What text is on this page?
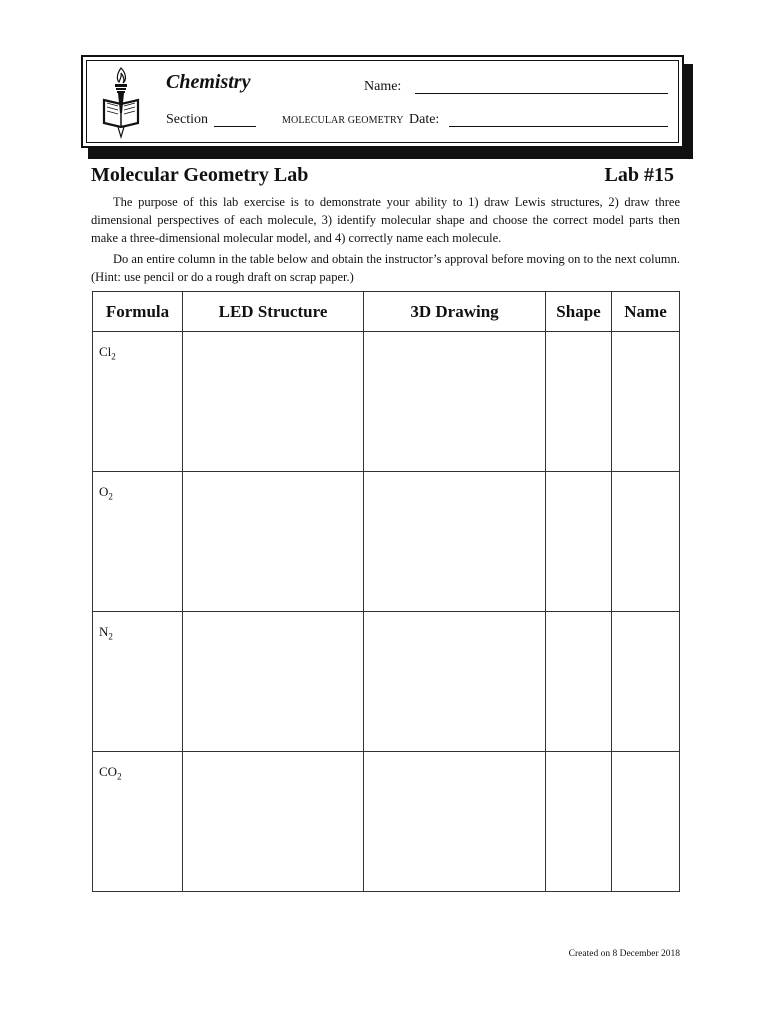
Chemistry	Name:
Section	MOLECULAR GEOMETRY Date:
Molecular Geometry Lab	Lab #15
The purpose of this lab exercise is to demonstrate your ability to 1) draw Lewis structures, 2) draw three dimensional perspectives of each molecule, 3) identify molecular shape and choose the correct model parts then make a three-dimensional molecular model, and 4) correctly name each molecule.
Do an entire column in the table below and obtain the instructor’s approval before moving on to the next column. (Hint: use pencil or do a rough draft on scrap paper.)
Formula	LED Structure	3D Drawing	Shape	Name

$Cl_2$

$O_2$

$N_2$

$CO_2$

Created on 8 December 2018
